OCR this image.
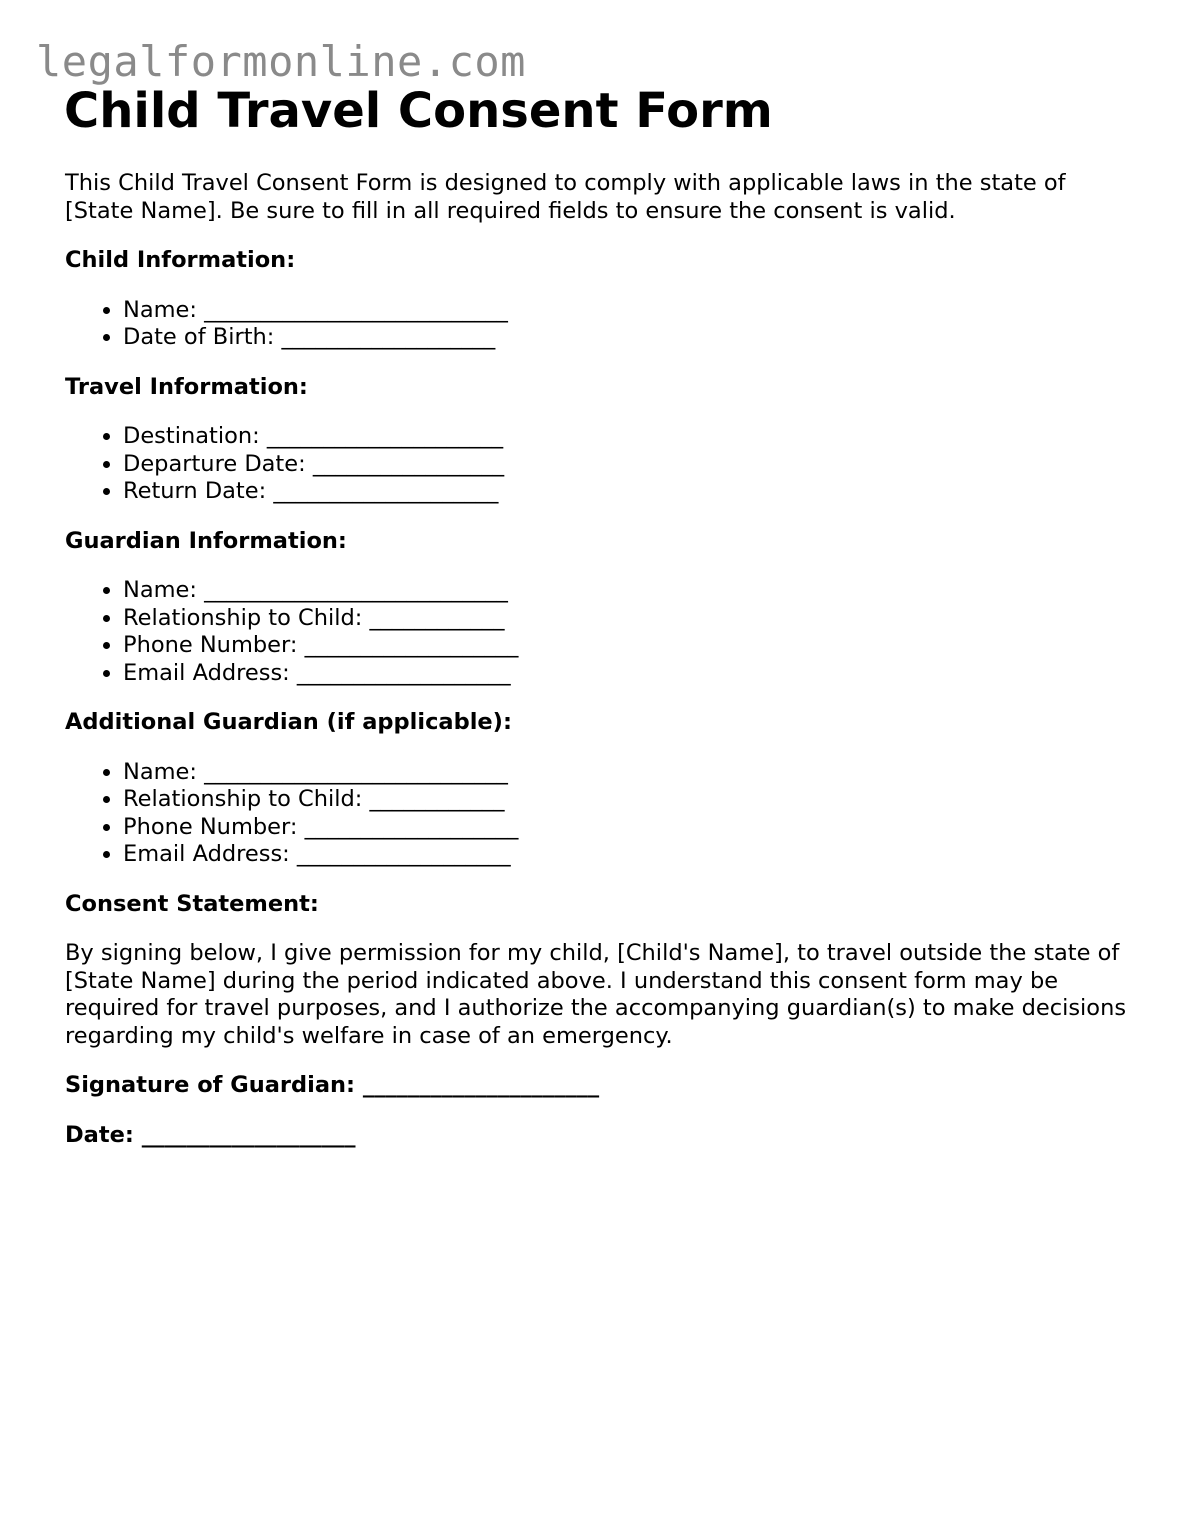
legalformonline.com
Child Travel Consent Form

This Child Travel Consent Form is designed to comply with applicable laws in the state of [State Name]. Be sure to fill in all required fields to ensure the consent is valid.

Child Information:
• Name: ___________________________
• Date of Birth: ___________________
Travel Information:
• Destination: _____________________
• Departure Date: _________________
• Return Date: ____________________
Guardian Information:
• Name: ___________________________
• Relationship to Child: ____________
• Phone Number: ___________________
• Email Address: ___________________
Additional Guardian (if applicable):
• Name: ___________________________
• Relationship to Child: ____________
• Phone Number: ___________________
• Email Address: ___________________
Consent Statement:

By signing below, I give permission for my child, [Child's Name], to travel outside the state of [State Name] during the period indicated above. I understand this consent form may be required for travel purposes, and I authorize the accompanying guardian(s) to make decisions regarding my child's welfare in case of an emergency.

Signature of Guardian: _____________________
Date: ___________________
